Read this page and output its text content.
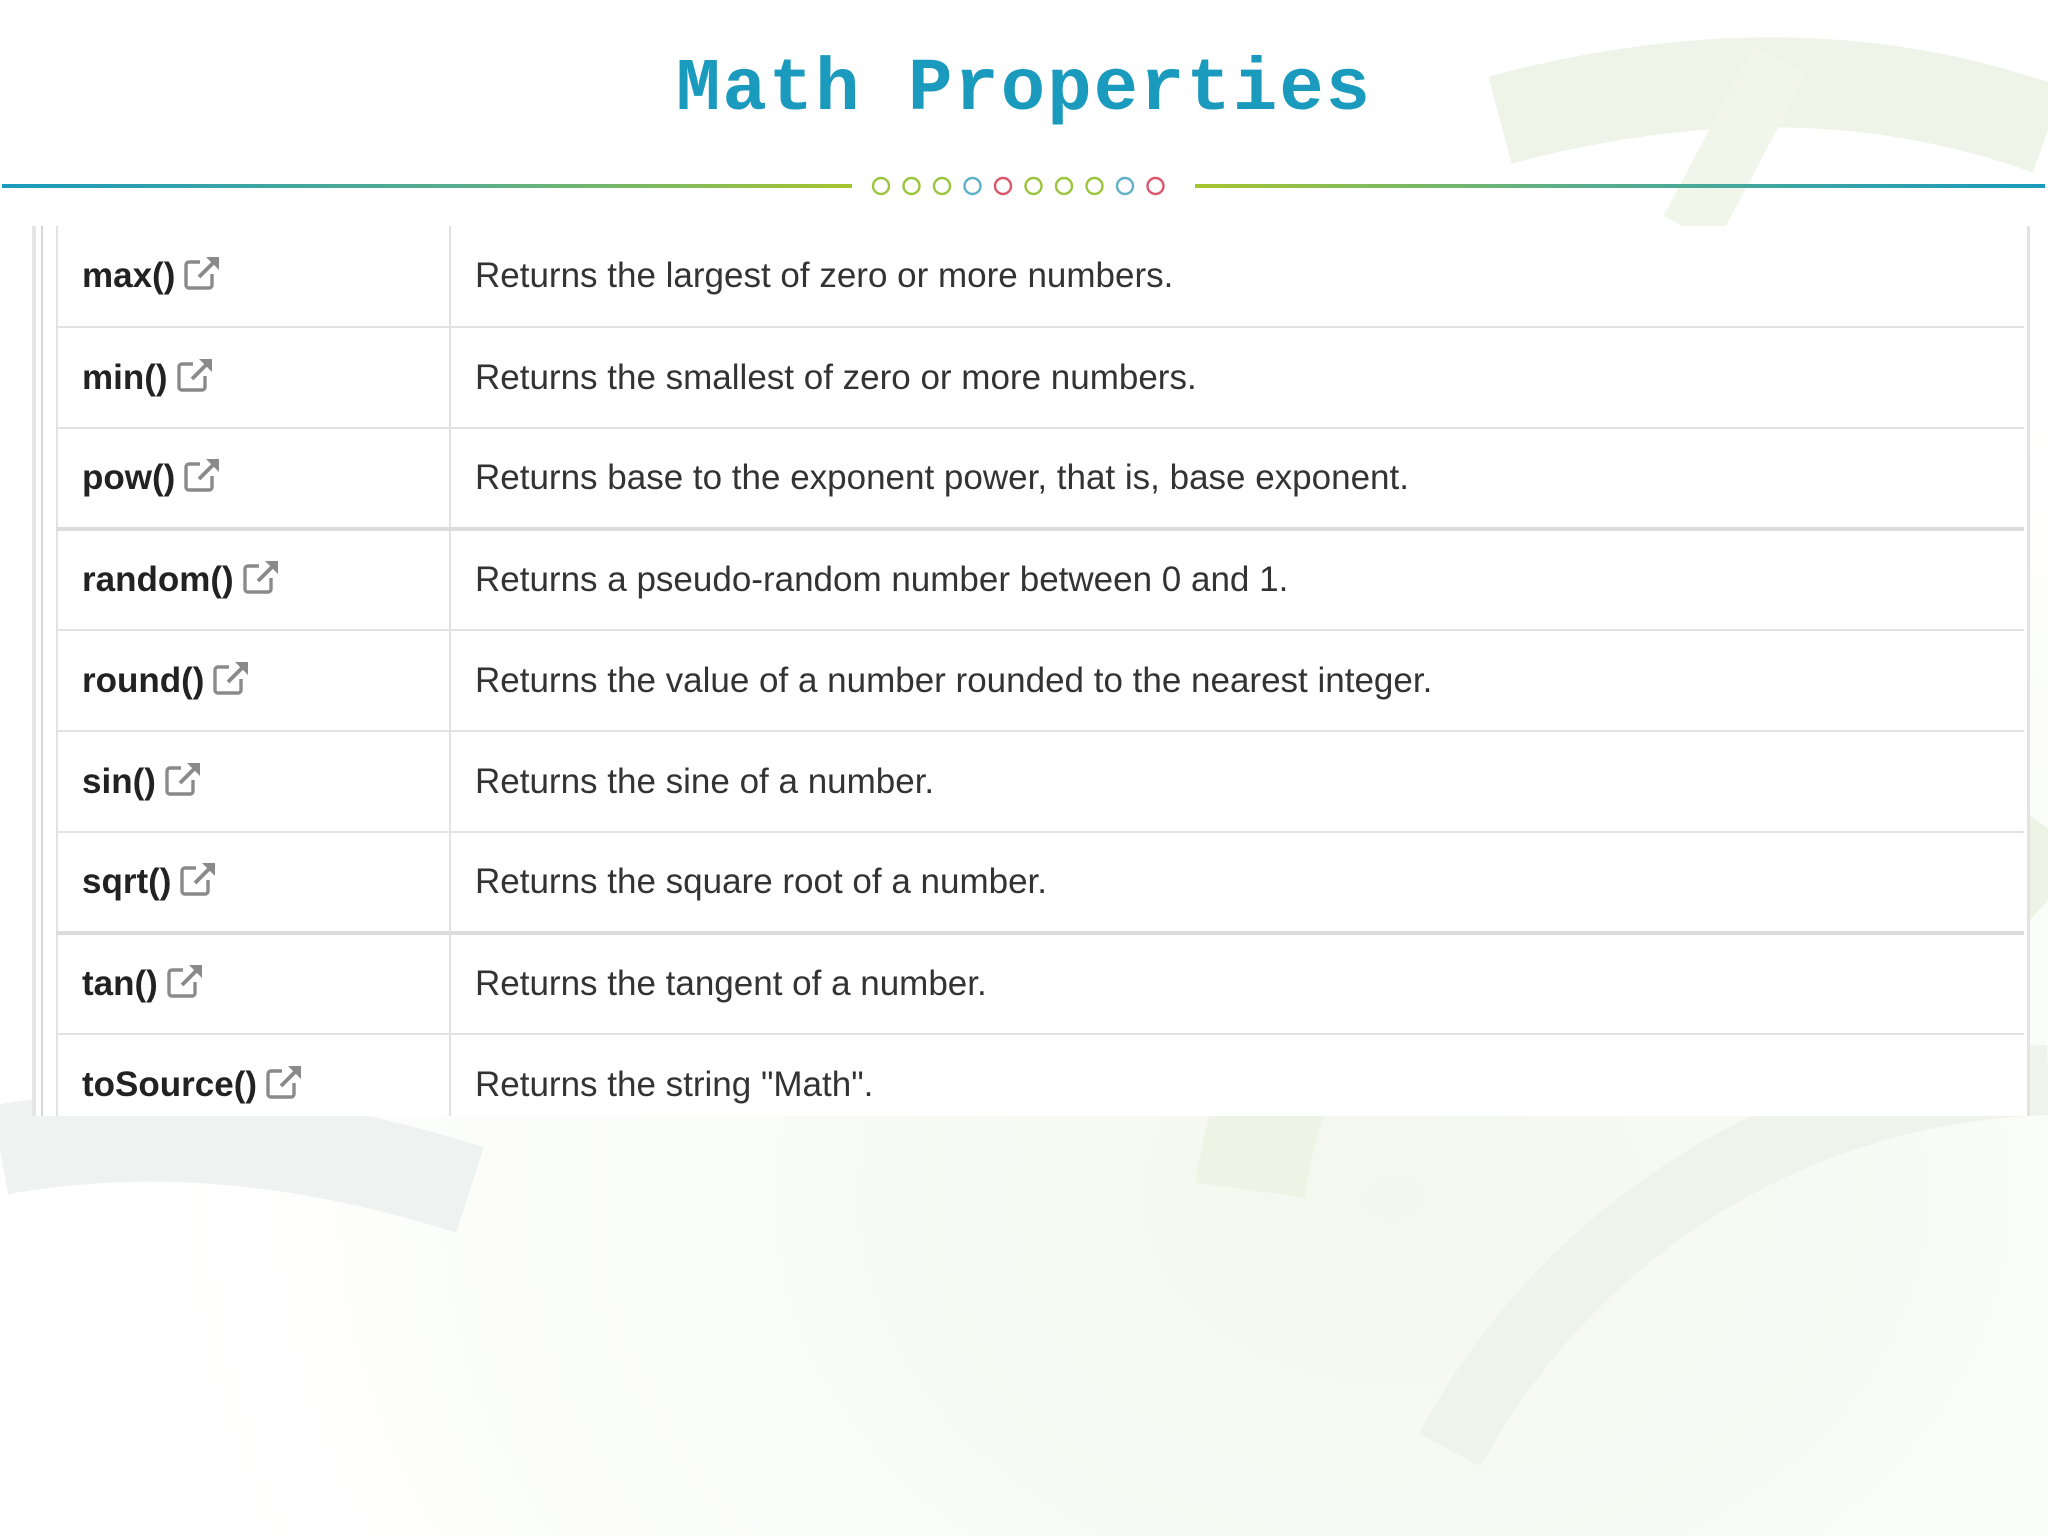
Math Properties
max()	Returns the largest of zero or more numbers.
min()	Returns the smallest of zero or more numbers.
pow()	Returns base to the exponent power, that is, base exponent.
random()	Returns a pseudo-random number between 0 and 1.
round()	Returns the value of a number rounded to the nearest integer.
sin()	Returns the sine of a number.
sqrt()	Returns the square root of a number.
tan()	Returns the tangent of a number.
toSource()	Returns the string "Math".
